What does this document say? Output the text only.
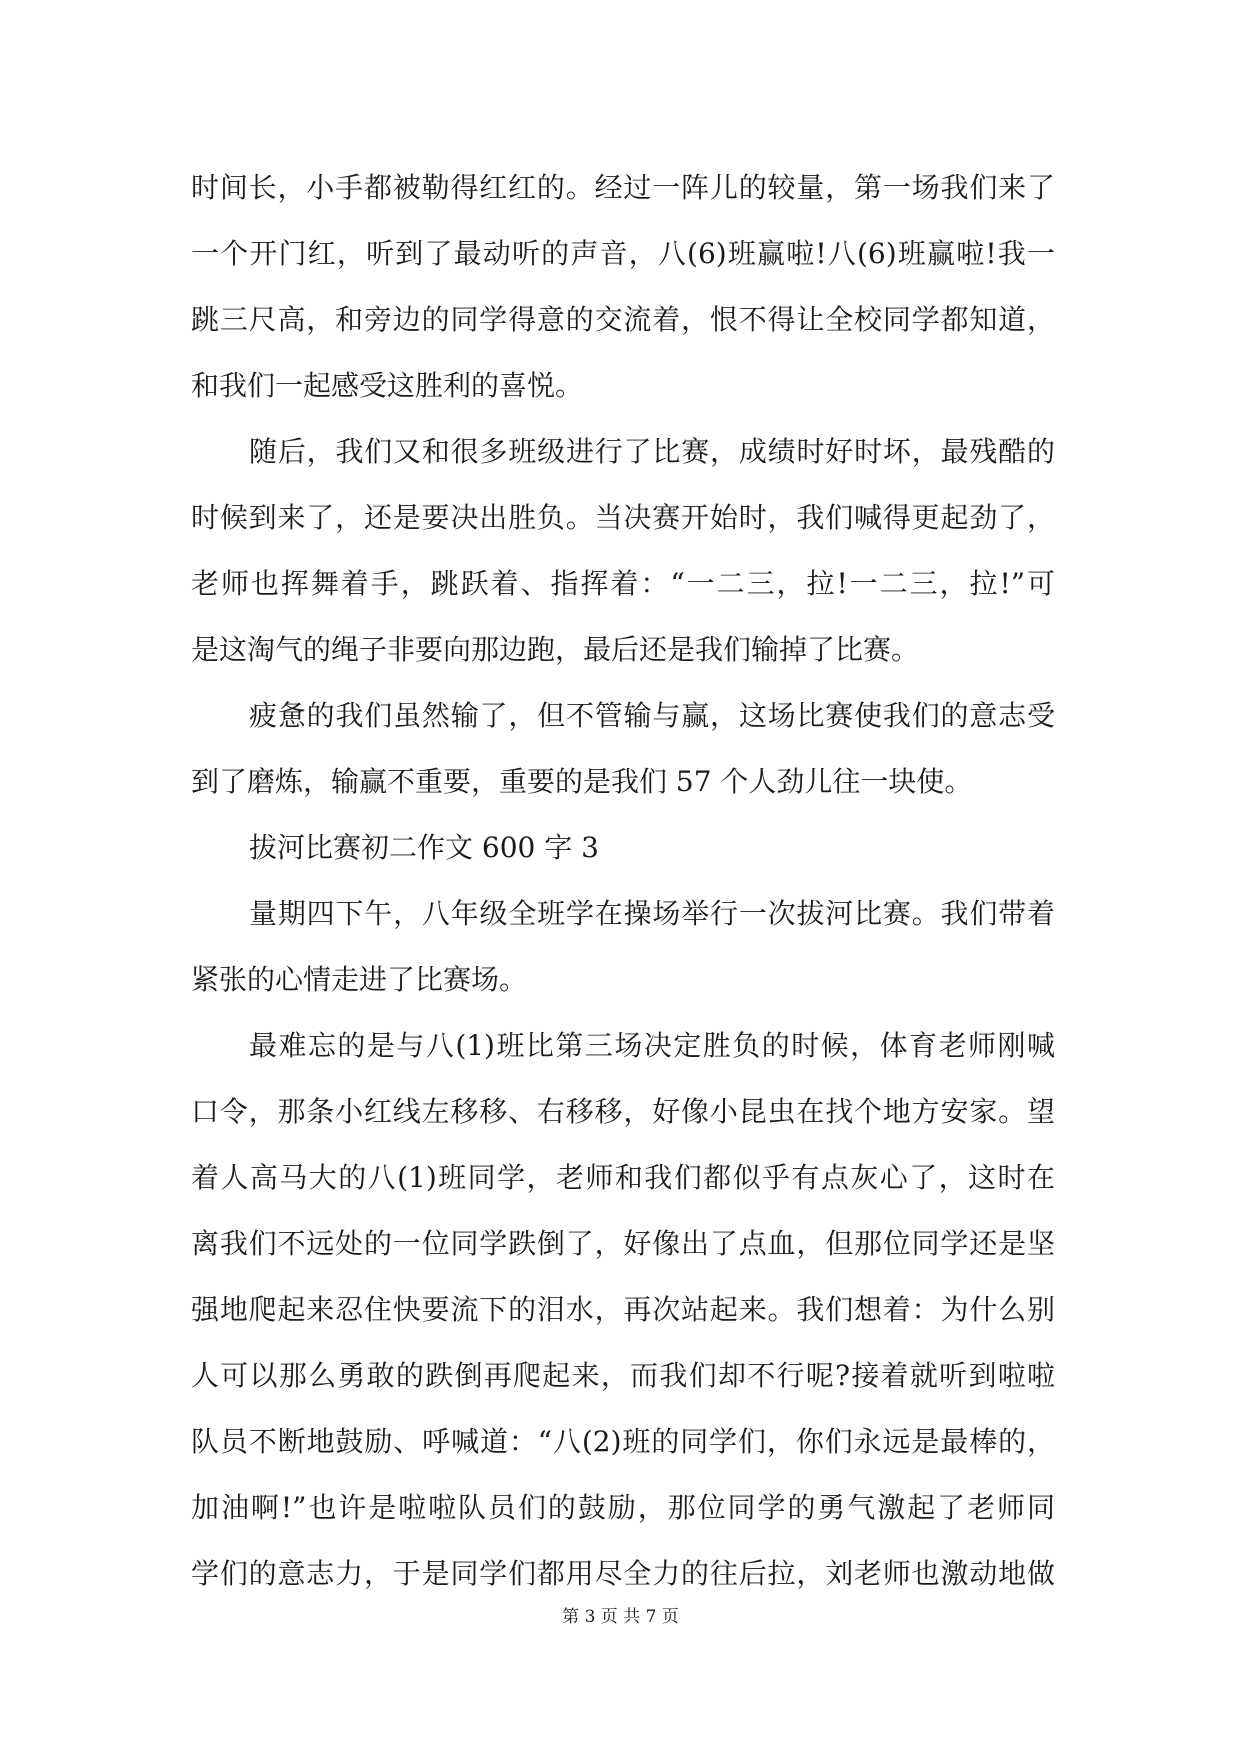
时间长，小手都被勒得红红的。经过一阵儿的较量，第一场我们来了
一个开门红，听到了最动听的声音，八(6)班赢啦!八(6)班赢啦!我一
跳三尺高，和旁边的同学得意的交流着，恨不得让全校同学都知道，
和我们一起感受这胜利的喜悦。
随后，我们又和很多班级进行了比赛，成绩时好时坏，最残酷的
时候到来了，还是要决出胜负。当决赛开始时，我们喊得更起劲了，
老师也挥舞着手，跳跃着、指挥着：“一二三，拉!一二三，拉!”可
是这淘气的绳子非要向那边跑，最后还是我们输掉了比赛。
疲惫的我们虽然输了，但不管输与赢，这场比赛使我们的意志受
到了磨炼，输赢不重要，重要的是我们 57 个人劲儿往一块使。
拔河比赛初二作文 600 字 3
量期四下午，八年级全班学在操场举行一次拔河比赛。我们带着
紧张的心情走进了比赛场。
最难忘的是与八(1)班比第三场决定胜负的时候，体育老师刚喊
口令，那条小红线左移移、右移移，好像小昆虫在找个地方安家。望
着人高马大的八(1)班同学，老师和我们都似乎有点灰心了，这时在
离我们不远处的一位同学跌倒了，好像出了点血，但那位同学还是坚
强地爬起来忍住快要流下的泪水，再次站起来。我们想着：为什么别
人可以那么勇敢的跌倒再爬起来，而我们却不行呢?接着就听到啦啦
队员不断地鼓励、呼喊道：“八(2)班的同学们，你们永远是最棒的，
加油啊!”也许是啦啦队员们的鼓励，那位同学的勇气激起了老师同
学们的意志力，于是同学们都用尽全力的往后拉，刘老师也激动地做
第 3 页 共 7 页
